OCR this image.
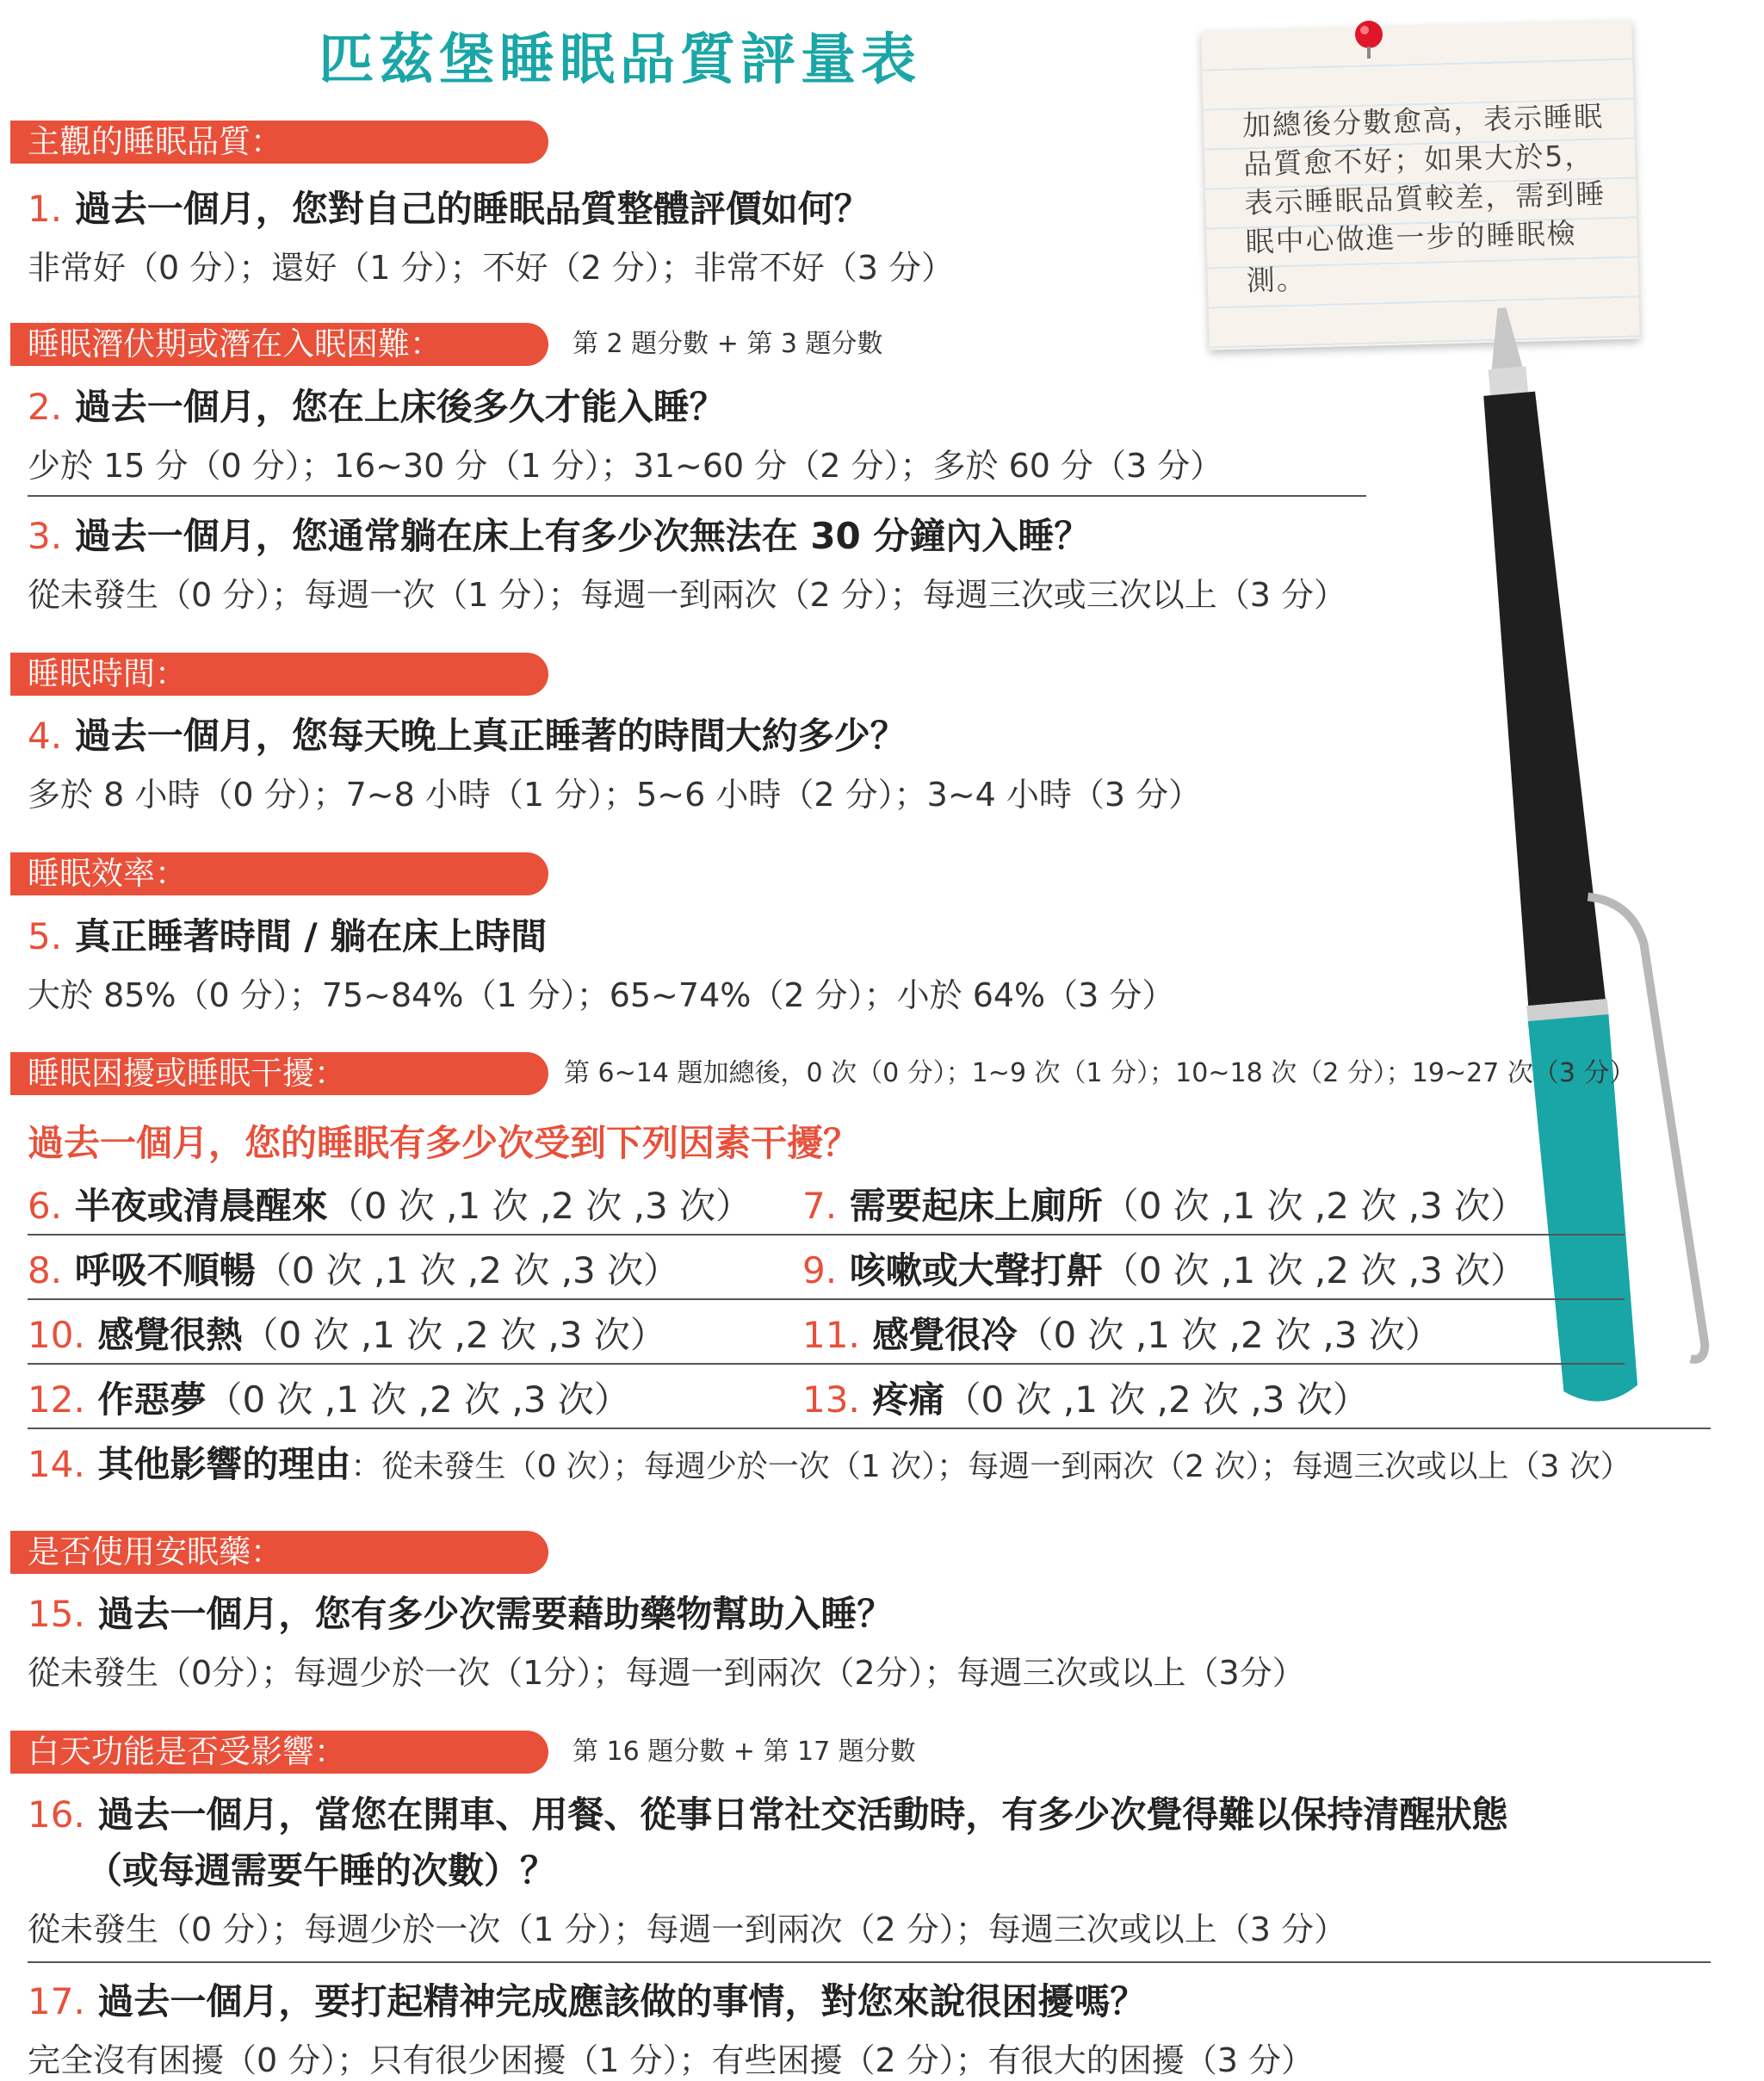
匹茲堡睡眠品質評量表
加總後分數愈高，表示睡眠品質愈不好；如果大於5，表示睡眠品質較差，需到睡眠中心做進一步的睡眠檢測。
主觀的睡眠品質：
1. 過去一個月，您對自己的睡眠品質整體評價如何？
非常好（0 分）；還好（1 分）；不好（2 分）；非常不好（3 分）
睡眠潛伏期或潛在入眠困難：	第 2 題分數 + 第 3 題分數
2. 過去一個月，您在上床後多久才能入睡？
少於 15 分（0 分）；16~30 分（1 分）；31~60 分（2 分）；多於 60 分（3 分）
3. 過去一個月，您通常躺在床上有多少次無法在 30 分鐘內入睡？
從未發生（0 分）；每週一次（1 分）；每週一到兩次（2 分）；每週三次或三次以上（3 分）
睡眠時間：
4. 過去一個月，您每天晚上真正睡著的時間大約多少？
多於 8 小時（0 分）；7~8 小時（1 分）；5~6 小時（2 分）；3~4 小時（3 分）
睡眠效率：
5. 真正睡著時間 / 躺在床上時間
大於 85%（0 分）；75~84%（1 分）；65~74%（2 分）；小於 64%（3 分）
睡眠困擾或睡眠干擾：	第 6~14 題加總後，0 次（0 分）；1~9 次（1 分）；10~18 次（2 分）；19~27 次（3 分）
過去一個月，您的睡眠有多少次受到下列因素干擾？
6. 半夜或清晨醒來（0 次 ,1 次 ,2 次 ,3 次） 7. 需要起床上廁所（0 次 ,1 次 ,2 次 ,3 次）
8. 呼吸不順暢（0 次 ,1 次 ,2 次 ,3 次）	9. 咳嗽或大聲打鼾（0 次 ,1 次 ,2 次 ,3 次）
10. 感覺很熱（0 次 ,1 次 ,2 次 ,3 次）	11. 感覺很冷（0 次 ,1 次 ,2 次 ,3 次）
12. 作惡夢（0 次 ,1 次 ,2 次 ,3 次）	13. 疼痛（0 次 ,1 次 ,2 次 ,3 次）
14. 其他影響的理由：從未發生（0 次）；每週少於一次（1 次）；每週一到兩次（2 次）；每週三次或以上（3 次）
是否使用安眠藥：
15. 過去一個月，您有多少次需要藉助藥物幫助入睡？
從未發生（0分）；每週少於一次（1分）；每週一到兩次（2分）；每週三次或以上（3分）
白天功能是否受影響：	第 16 題分數 + 第 17 題分數
16. 過去一個月，當您在開車、用餐、從事日常社交活動時，有多少次覺得難以保持清醒狀態
（或每週需要午睡的次數）？
從未發生（0 分）；每週少於一次（1 分）；每週一到兩次（2 分）；每週三次或以上（3 分）
17. 過去一個月，要打起精神完成應該做的事情，對您來說很困擾嗎？
完全沒有困擾（0 分）；只有很少困擾（1 分）；有些困擾（2 分）；有很大的困擾（3 分）
